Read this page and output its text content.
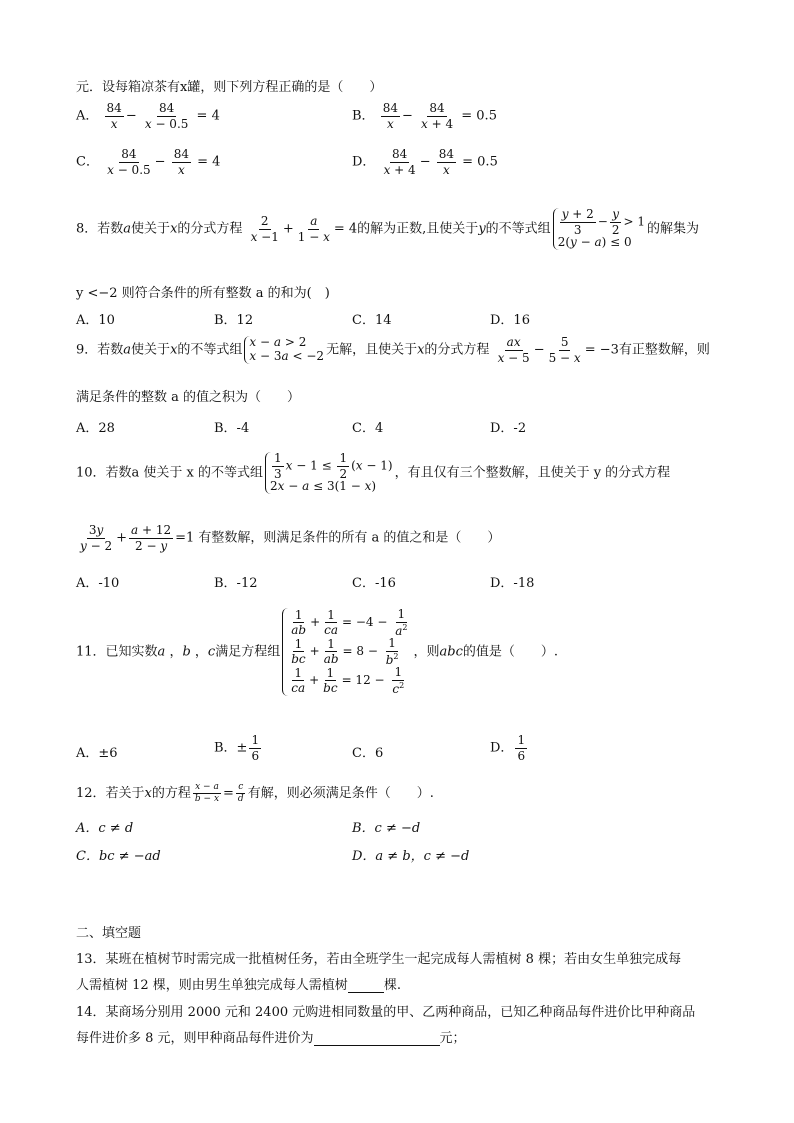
元．设每箱凉茶有x罐，则下列方程正确的是（　　）
A． $\frac{84}{x} - \frac{84}{x - 0.5} = 4$	B． $\frac{84}{x} - \frac{84}{x + 4} = 0.5$
C． $\frac{84}{x - 0.5} - \frac{84}{x} = 4$	D． $\frac{84}{x + 4} - \frac{84}{x} = 0.5$
8．若数a使关于x的分式方程 $\frac{2}{x -1} + \frac{a}{1 - x} = 4$的解为正数,且使关于y的不等式组 $\frac{y + 2}{3} - \frac{y}{2} > 1$
2(y − a) ≤ 0
的解集为
y <−2 则符合条件的所有整数 a 的和为(　)
A．10	B．12	C．14	D．16
9．若数a使关于x的不等式组
x − a > 2
x − 3a < −2 无解，且使关于x的分式方程 $\frac{ax}{x - 5} - \frac{5}{5 - x} = -3$有正整数解，则
满足条件的整数 a 的值之积为（　　）
A．28	B．-4	C．4	D．-2
10．若数a 使关于 x 的不等式组 $\frac{1}{3}$ $x - 1 \le \frac{1}{2} (x - 1)$
2x − a ≤ 3(1 − x)
，有且仅有三个整数解，且使关于 y 的分式方程
$\frac{3y}{y - 2} + \frac{a + 12}{2 - y} =1$ 有整数解，则满足条件的所有 a 的值之和是（　　）
A．-10	B．-12	C．-16	D．-18
11．已知实数a ，b ，c满足方程组
$\frac{1}{ab} + \frac{1}{ca} = -4 - \frac{1}{a^2}$
$\frac{1}{bc} + \frac{1}{ab} = 8 - \frac{1}{b^2}$
$\frac{1}{ca} + \frac{1}{bc} = 12 - \frac{1}{c^2}$
，则abc的值是（　　）.
A．±6	B．± $\frac{1}{6}$	C．6	D． $\frac{1}{6}$
12．若关于x的方程 $\frac{x - a}{b - x} = \frac{c}{d}$ 有解，则必须满足条件（　　）.
A．c ≠ d	B．c ≠ −d
C．bc ≠ −ad	D．a ≠ b，c ≠ −d
二、填空题
13．某班在植树节时需完成一批植树任务，若由全班学生一起完成每人需植树 8 棵；若由女生单独完成每
人需植树 12 棵，则由男生单独完成每人需植树	棵.
14．某商场分别用 2000 元和 2400 元购进相同数量的甲、乙两种商品，已知乙种商品每件进价比甲种商品
每件进价多 8 元，则甲种商品每件进价为	元；
